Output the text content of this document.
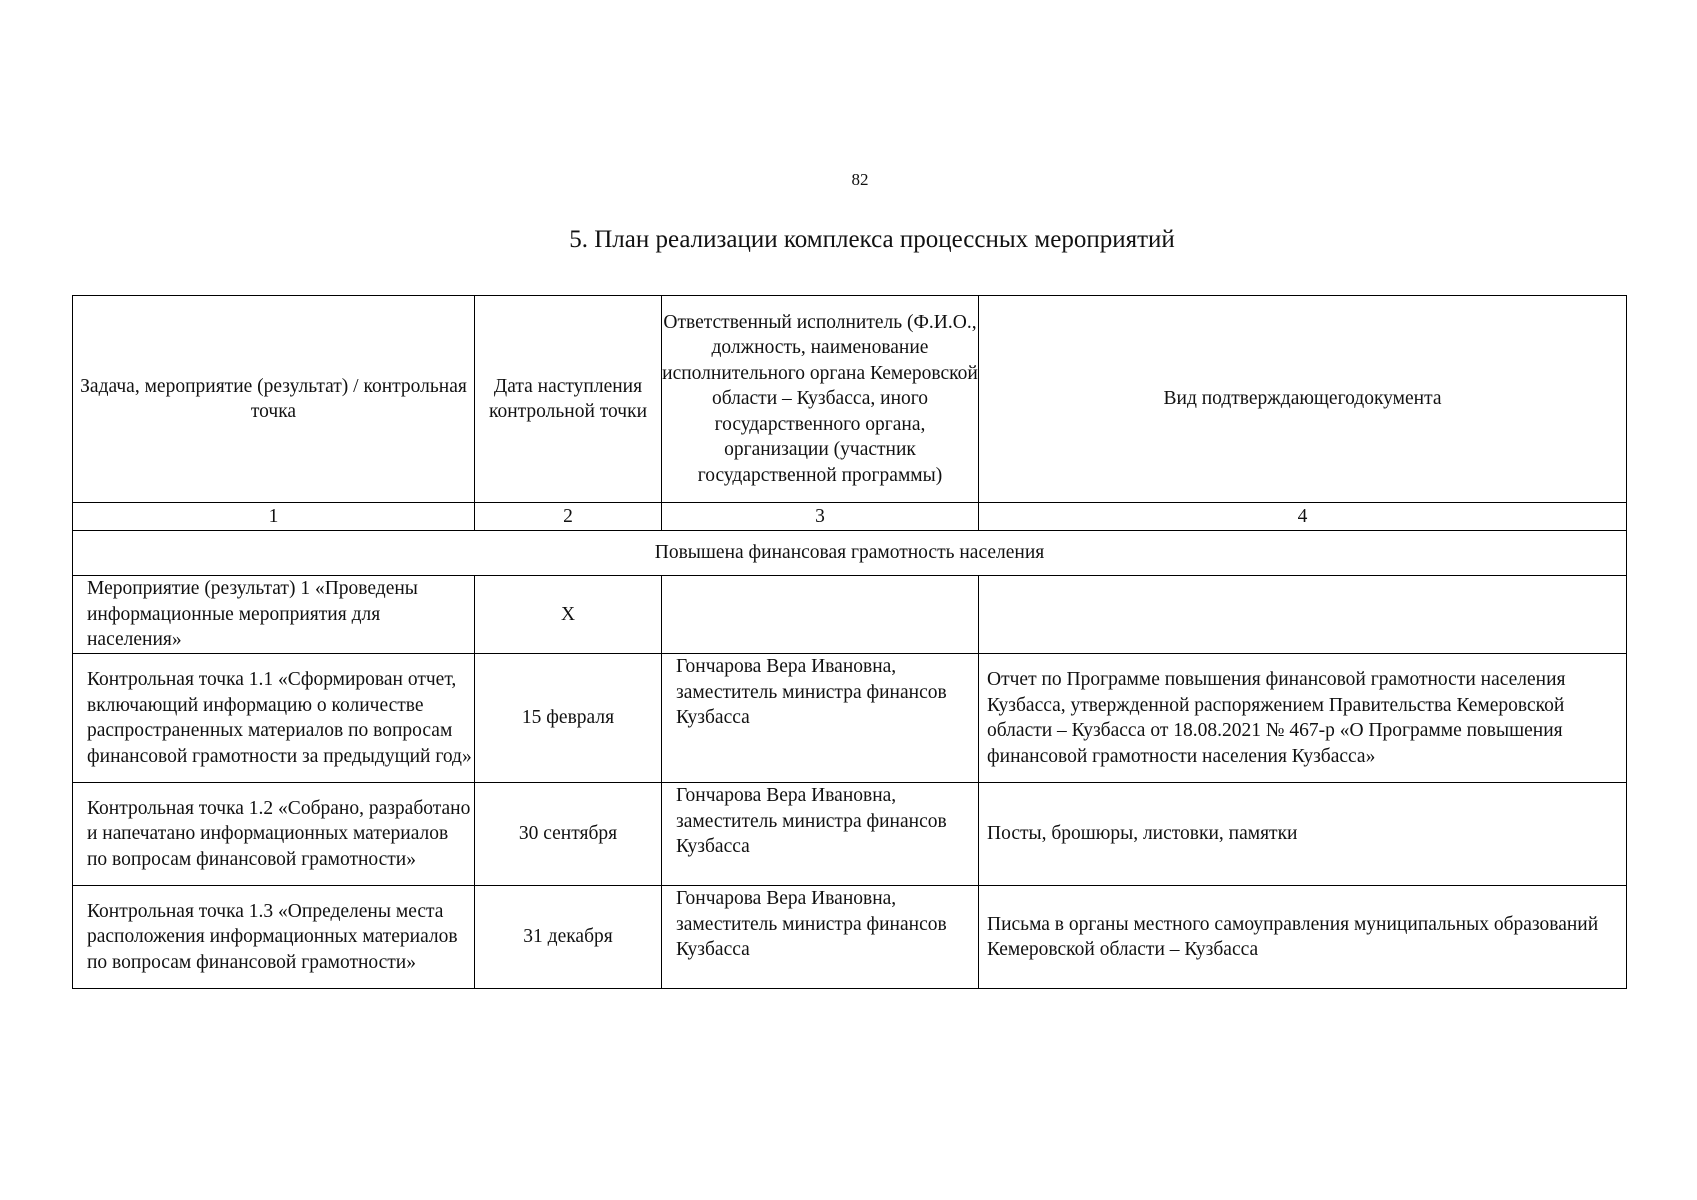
82
5. План реализации комплекса процессных мероприятий
Задача, мероприятие (результат) / контрольная точка	Дата наступления контрольной точки	Ответственный исполнитель (Ф.И.О., должность, наименование исполнительного органа Кемеровской области – Кузбасса, иного государственного органа, организации (участник государственной программы)	Вид подтверждающегодокумента
1	2	3	4
Повышена финансовая грамотность населения			
Мероприятие (результат) 1 «Проведены информационные мероприятия для населения»	Х		
Контрольная точка 1.1 «Сформирован отчет, включающий информацию о количестве распространенных материалов по вопросам финансовой грамотности за предыдущий год»	15 февраля	Гончарова Вера Ивановна, заместитель министра финансов Кузбасса	Отчет по Программе повышения финансовой грамотности населения Кузбасса, утвержденной распоряжением Правительства Кемеровской области – Кузбасса от 18.08.2021 № 467-р «О Программе повышения финансовой грамотности населения Кузбасса»
Контрольная точка 1.2 «Собрано, разработано и напечатано информационных материалов по вопросам финансовой грамотности»	30 сентября	Гончарова Вера Ивановна, заместитель министра финансов Кузбасса	Посты, брошюры, листовки, памятки
Контрольная точка 1.3 «Определены места расположения информационных материалов по вопросам финансовой грамотности»	31 декабря	Гончарова Вера Ивановна, заместитель министра финансов Кузбасса	Письма в органы местного самоуправления муниципальных образований Кемеровской области – Кузбасса
